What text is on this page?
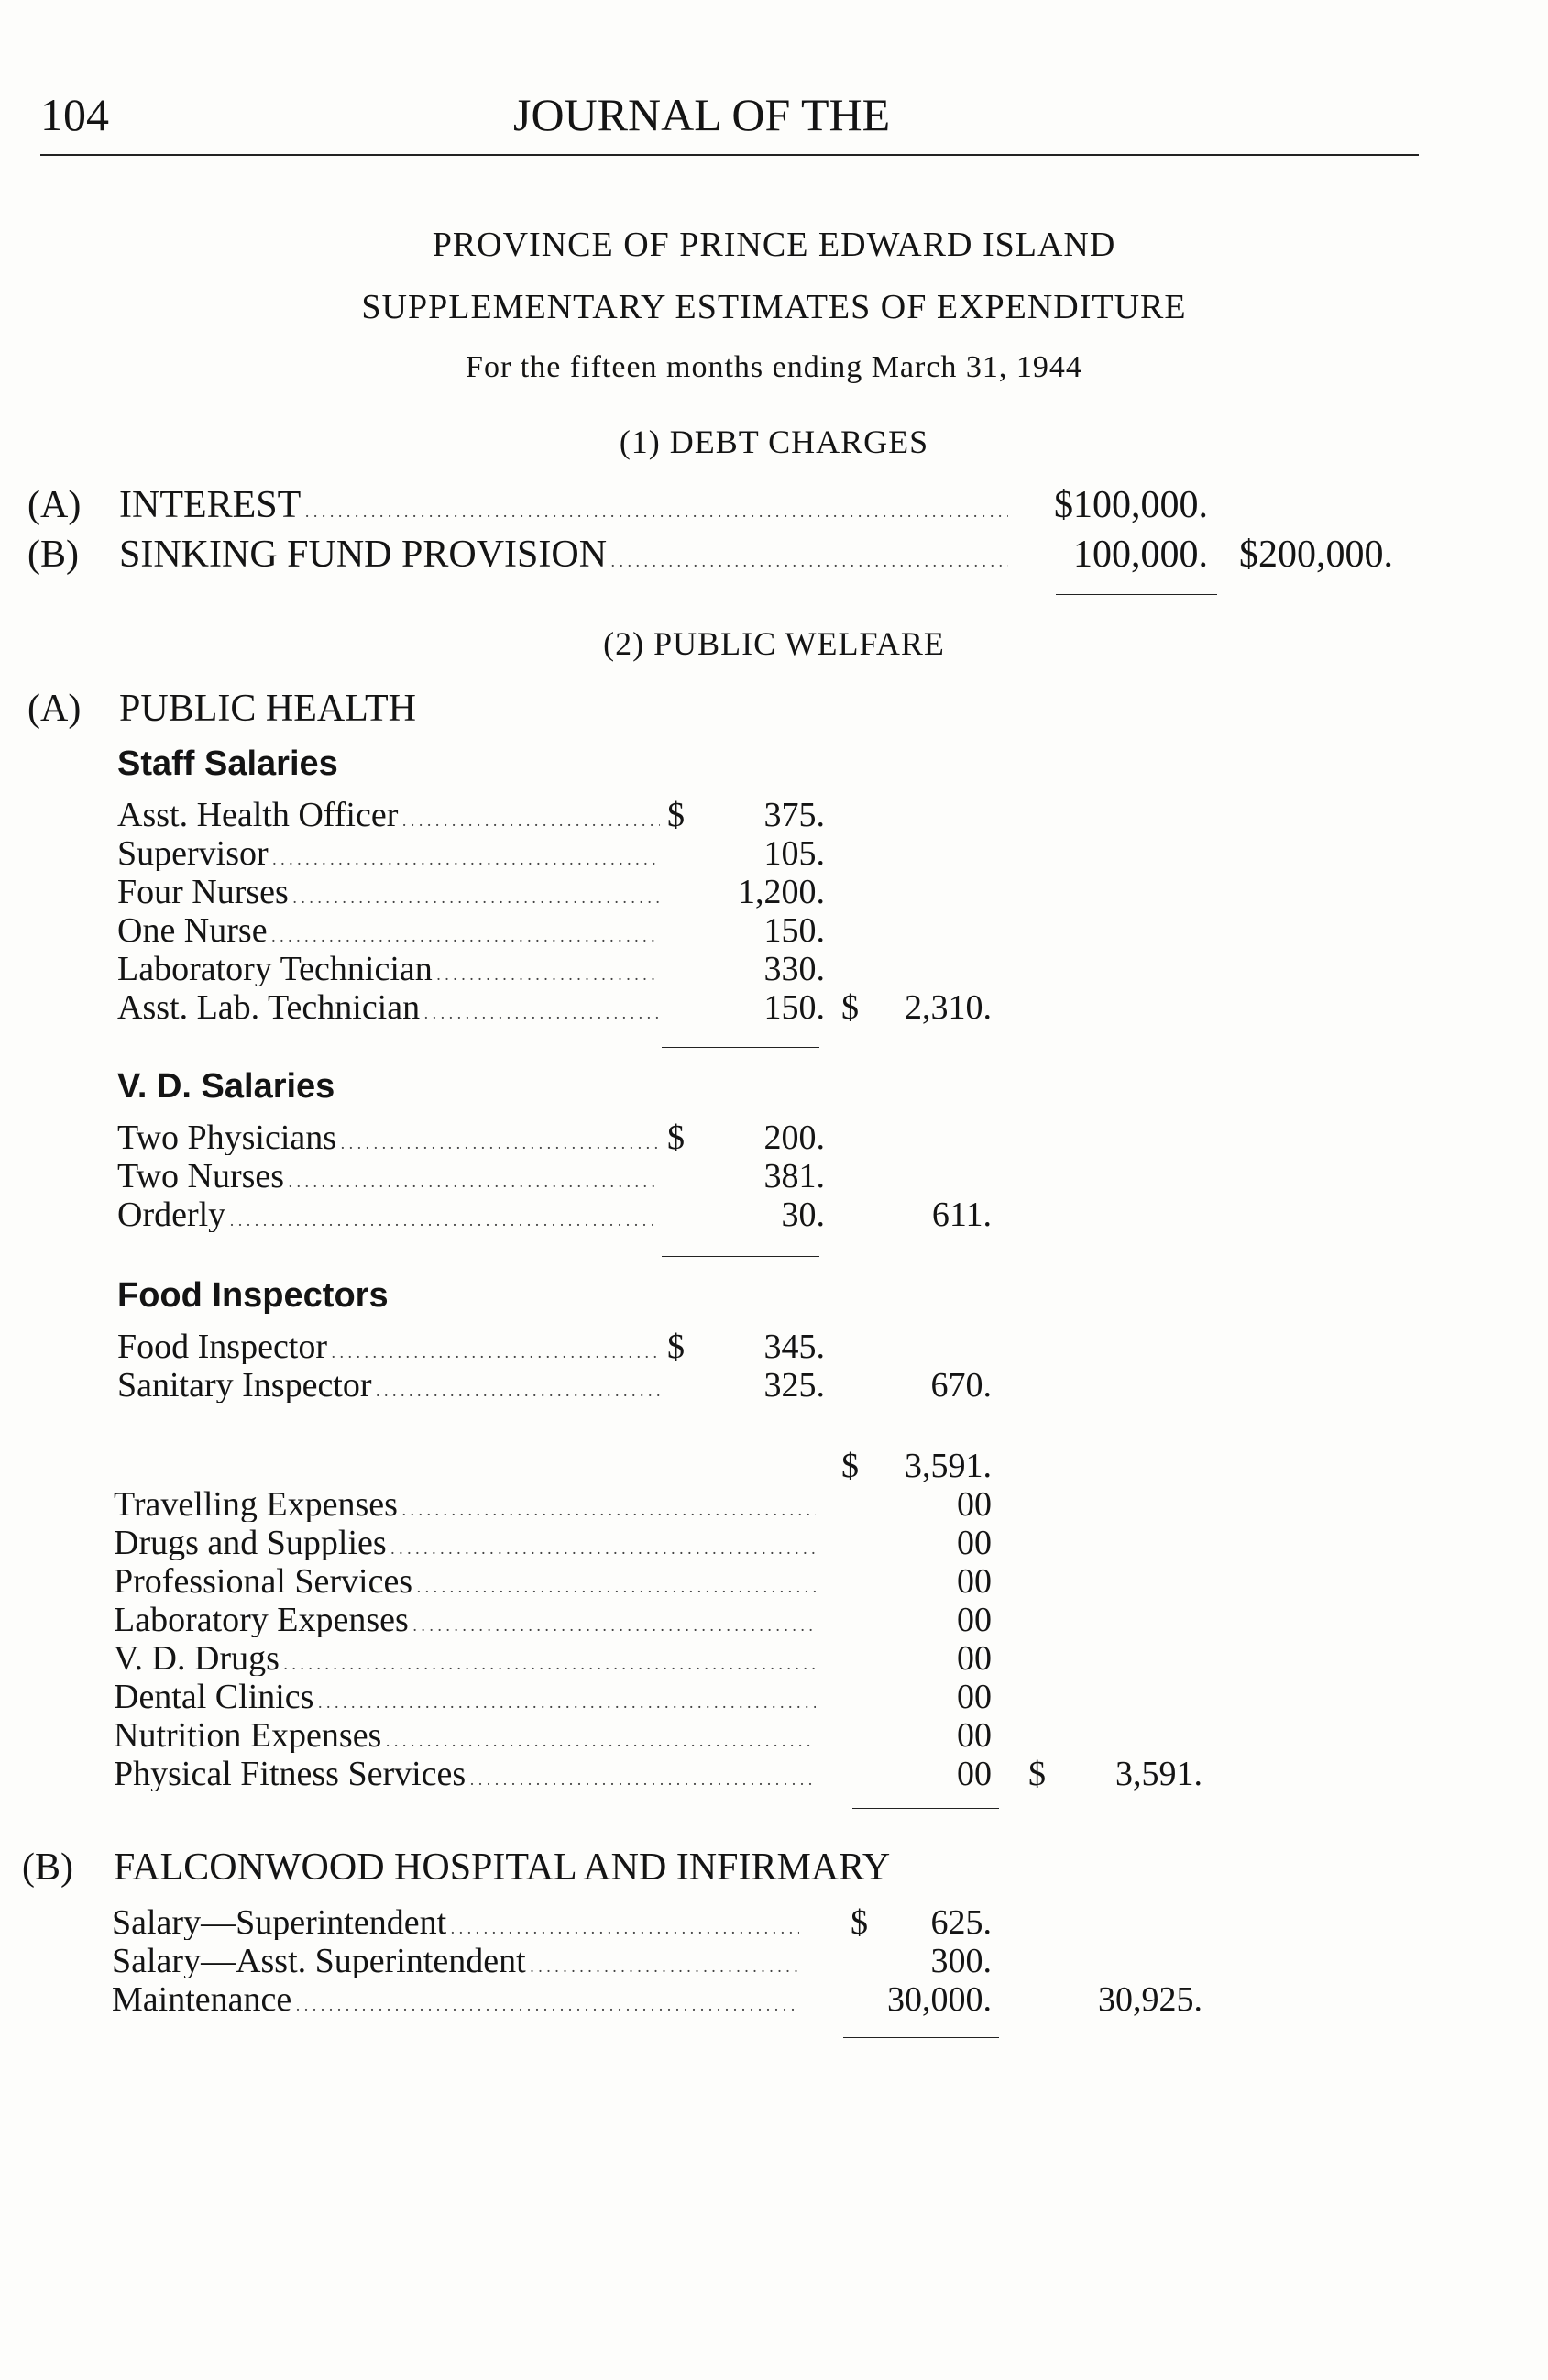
104	JOURNAL OF THE
PROVINCE OF PRINCE EDWARD ISLAND
SUPPLEMENTARY ESTIMATES OF EXPENDITURE
For the fifteen months ending March 31, 1944
(1) DEBT CHARGES
(A) INTEREST . . .	$100,000.
(B) SINKING FUND PROVISION . . .	100,000. $200,000.
(2) PUBLIC WELFARE
(A) PUBLIC HEALTH
Staff Salaries
Asst. Health Officer . . .	$	375.
Supervisor . . .	105.
Four Nurses . . .	1,200.
One Nurse . . .	150.
Laboratory Technician . . .	330.
Asst. Lab. Technician . . .	150. $	2,310.
V. D. Salaries
Two Physicians . . .	$	200.
Two Nurses . . .	381.
Orderly . . .	30.	611.
Food Inspectors
Food Inspector . . .	$	345.
Sanitary Inspector . . .	325.	670.
$	3,591.
Travelling Expenses . . .	00
Drugs and Supplies . . .	00
Professional Services . . .	00
Laboratory Expenses . . .	00
V. D. Drugs . . .	00
Dental Clinics . . .	00
Nutrition Expenses . . .	00
Physical Fitness Services . . .	00 $	3,591.
(B) FALCONWOOD HOSPITAL AND INFIRMARY
Salary—Superintendent . . .	$	625.
Salary—Asst. Superintendent . . .	300.
Maintenance . . .	30,000.	30,925.
